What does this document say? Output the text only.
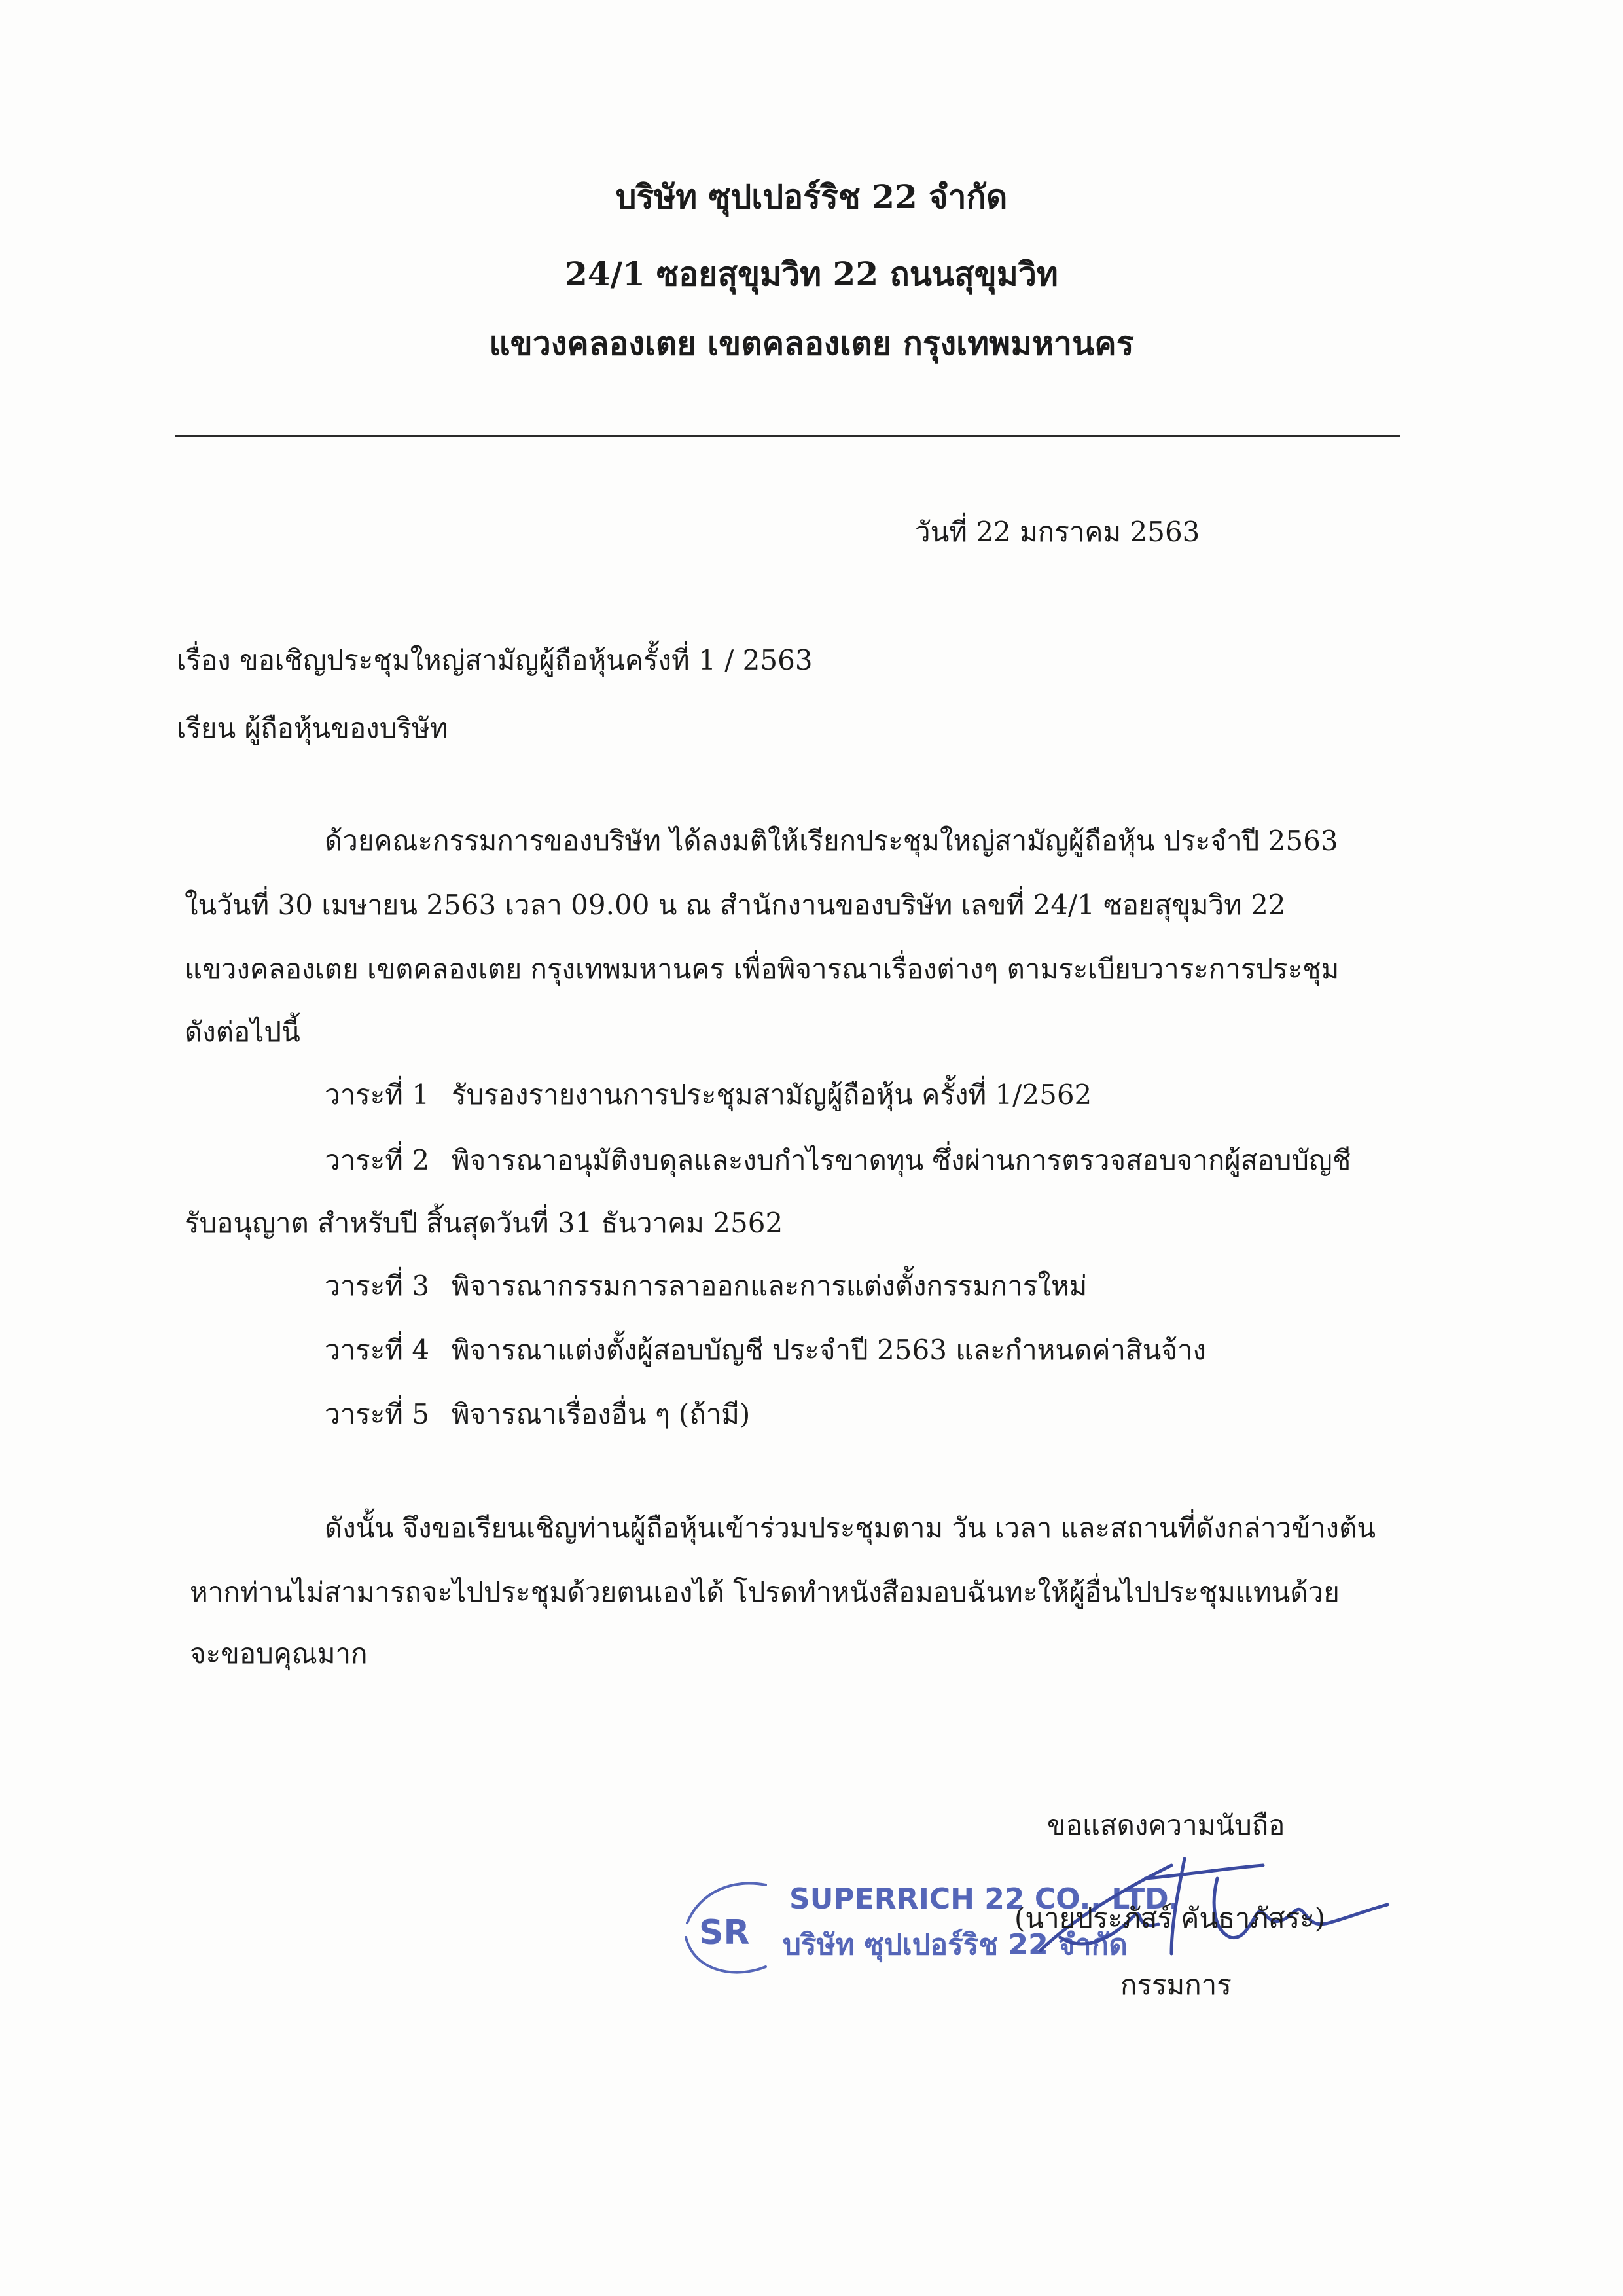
บริษัท ซุปเปอร์ริช 22 จำกัด
24/1 ซอยสุขุมวิท 22 ถนนสุขุมวิท
แขวงคลองเตย เขตคลองเตย กรุงเทพมหานคร
วันที่ 22 มกราคม 2563
เรื่อง ขอเชิญประชุมใหญ่สามัญผู้ถือหุ้นครั้งที่ 1 / 2563
เรียน ผู้ถือหุ้นของบริษัท
ด้วยคณะกรรมการของบริษัท ได้ลงมติให้เรียกประชุมใหญ่สามัญผู้ถือหุ้น ประจำปี 2563
ในวันที่ 30 เมษายน 2563 เวลา 09.00 น ณ สำนักงานของบริษัท เลขที่ 24/1 ซอยสุขุมวิท 22
แขวงคลองเตย เขตคลองเตย กรุงเทพมหานคร เพื่อพิจารณาเรื่องต่างๆ ตามระเบียบวาระการประชุม
ดังต่อไปนี้
วาระที่ 1 รับรองรายงานการประชุมสามัญผู้ถือหุ้น ครั้งที่ 1/2562
วาระที่ 2 พิจารณาอนุมัติงบดุลและงบกำไรขาดทุน ซึ่งผ่านการตรวจสอบจากผู้สอบบัญชี
รับอนุญาต สำหรับปี สิ้นสุดวันที่ 31 ธันวาคม 2562
วาระที่ 3 พิจารณากรรมการลาออกและการแต่งตั้งกรรมการใหม่
วาระที่ 4 พิจารณาแต่งตั้งผู้สอบบัญชี ประจำปี 2563 และกำหนดค่าสินจ้าง
วาระที่ 5 พิจารณาเรื่องอื่น ๆ (ถ้ามี)
ดังนั้น จึงขอเรียนเชิญท่านผู้ถือหุ้นเข้าร่วมประชุมตาม วัน เวลา และสถานที่ดังกล่าวข้างต้น
หากท่านไม่สามารถจะไปประชุมด้วยตนเองได้ โปรดทำหนังสือมอบฉันทะให้ผู้อื่นไปประชุมแทนด้วย
จะขอบคุณมาก
ขอแสดงความนับถือ
SR
SUPERRICH 22 CO., LTD.
บริษัท ซุปเปอร์ริช 22 จำกัด
(นายประภัสร์ คันธาภัสระ)
กรรมการ
